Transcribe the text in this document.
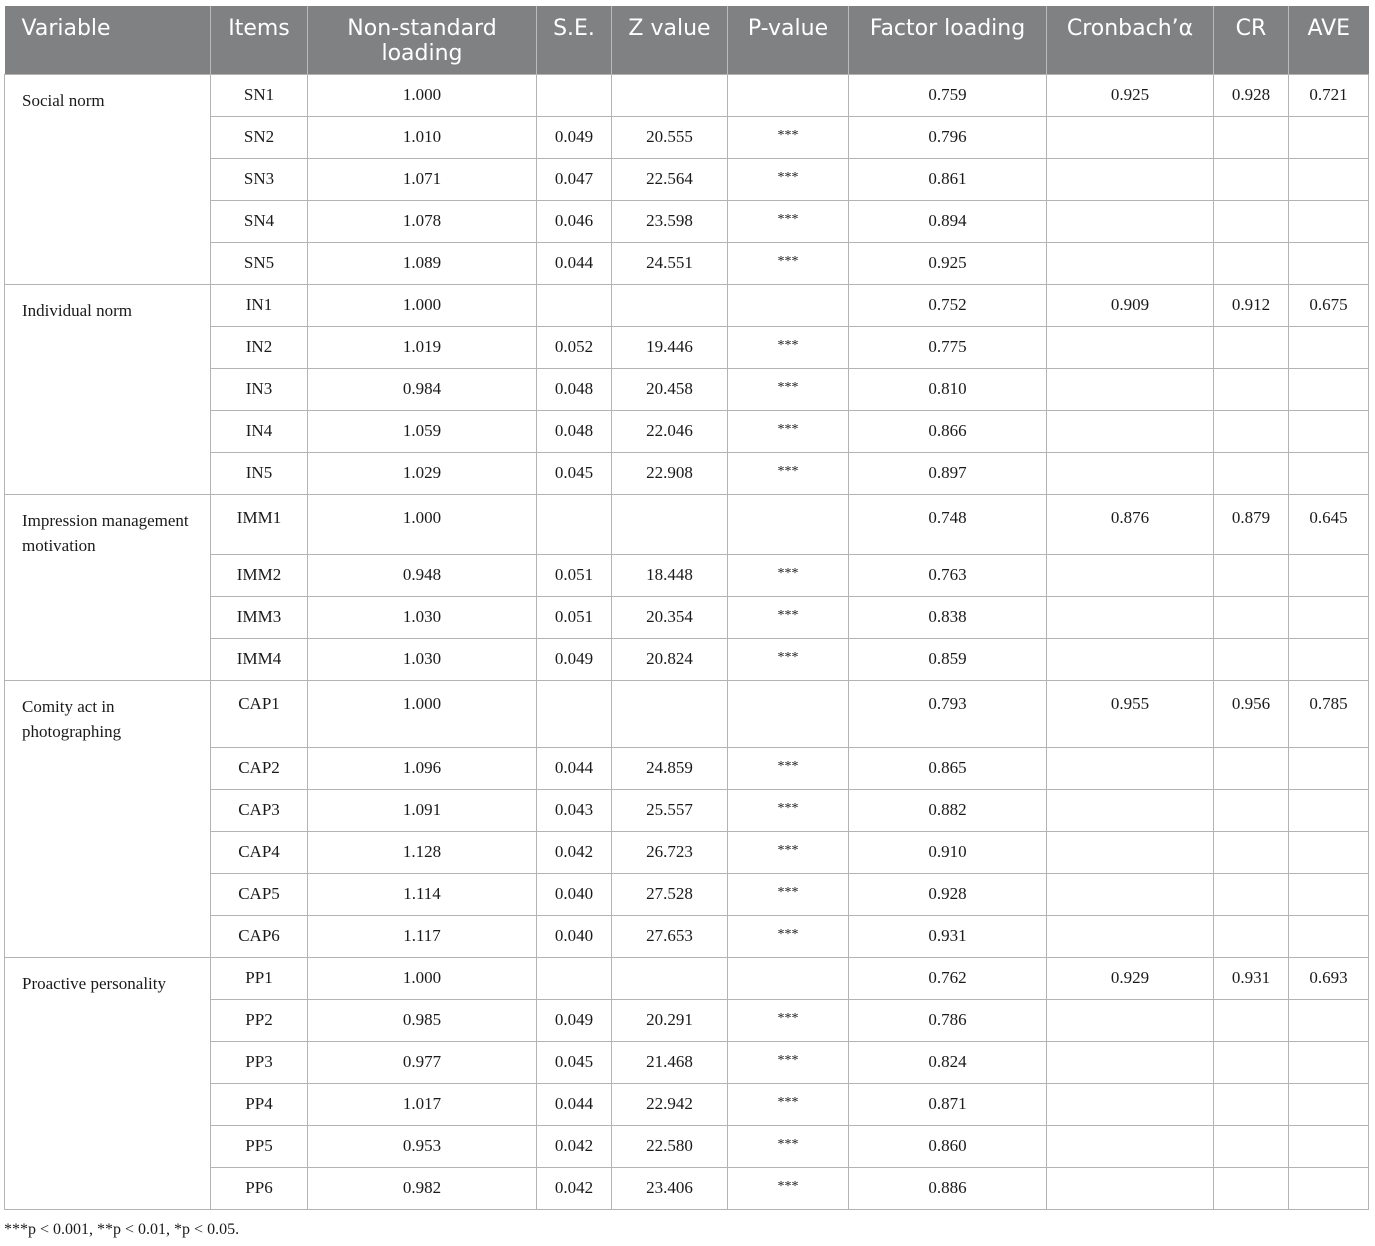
Variable	Items	Non-standard loading	S.E.	Z value	P-value	Factor loading	Cronbach’α	CR	AVE
Social norm	SN1	1.000				0.759	0.925	0.928	0.721
	SN2	1.010	0.049	20.555	***	0.796			
	SN3	1.071	0.047	22.564	***	0.861			
	SN4	1.078	0.046	23.598	***	0.894			
	SN5	1.089	0.044	24.551	***	0.925			
Individual norm	IN1	1.000				0.752	0.909	0.912	0.675
	IN2	1.019	0.052	19.446	***	0.775			
	IN3	0.984	0.048	20.458	***	0.810			
	IN4	1.059	0.048	22.046	***	0.866			
	IN5	1.029	0.045	22.908	***	0.897			
Impression management motivation	IMM1	1.000				0.748	0.876	0.879	0.645
	IMM2	0.948	0.051	18.448	***	0.763			
	IMM3	1.030	0.051	20.354	***	0.838			
	IMM4	1.030	0.049	20.824	***	0.859			
Comity act in photographing	CAP1	1.000				0.793	0.955	0.956	0.785
	CAP2	1.096	0.044	24.859	***	0.865			
	CAP3	1.091	0.043	25.557	***	0.882			
	CAP4	1.128	0.042	26.723	***	0.910			
	CAP5	1.114	0.040	27.528	***	0.928			
	CAP6	1.117	0.040	27.653	***	0.931			
Proactive personality	PP1	1.000				0.762	0.929	0.931	0.693
	PP2	0.985	0.049	20.291	***	0.786			
	PP3	0.977	0.045	21.468	***	0.824			
	PP4	1.017	0.044	22.942	***	0.871			
	PP5	0.953	0.042	22.580	***	0.860			
	PP6	0.982	0.042	23.406	***	0.886			
***p < 0.001, **p < 0.01, *p < 0.05.
